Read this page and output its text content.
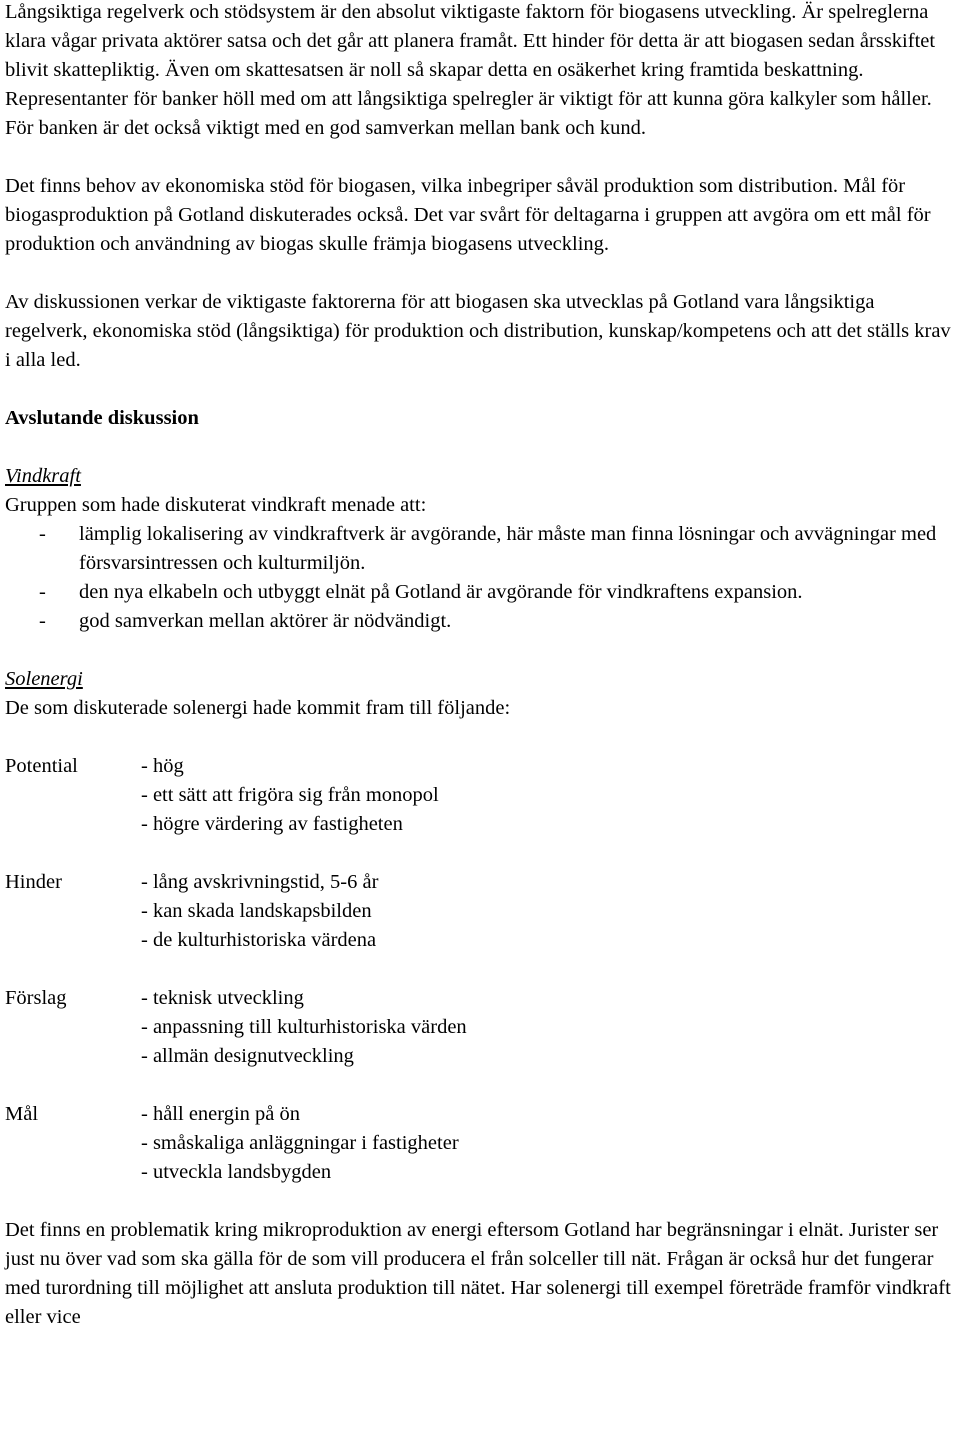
Långsiktiga regelverk och stödsystem är den absolut viktigaste faktorn för biogasens utveckling. Är spelreglerna klara vågar privata aktörer satsa och det går att planera framåt. Ett hinder för detta är att biogasen sedan årsskiftet blivit skattepliktig. Även om skattesatsen är noll så skapar detta en osäkerhet kring framtida beskattning. Representanter för banker höll med om att långsiktiga spelregler är viktigt för att kunna göra kalkyler som håller. För banken är det också viktigt med en god samverkan mellan bank och kund.

Det finns behov av ekonomiska stöd för biogasen, vilka inbegriper såväl produktion som distribution. Mål för biogasproduktion på Gotland diskuterades också. Det var svårt för deltagarna i gruppen att avgöra om ett mål för produktion och användning av biogas skulle främja biogasens utveckling.

Av diskussionen verkar de viktigaste faktorerna för att biogasen ska utvecklas på Gotland vara långsiktiga regelverk, ekonomiska stöd (långsiktiga) för produktion och distribution, kunskap/kompetens och att det ställs krav i alla led.

Avslutande diskussion

Vindkraft

Gruppen som hade diskuterat vindkraft menade att:

- lämplig lokalisering av vindkraftverk är avgörande, här måste man finna lösningar och avvägningar med försvarsintressen och kulturmiljön.
- den nya elkabeln och utbyggt elnät på Gotland är avgörande för vindkraftens expansion.
- god samverkan mellan aktörer är nödvändigt.

Solenergi

De som diskuterade solenergi hade kommit fram till följande:

Potential	- hög
- ett sätt att frigöra sig från monopol
- högre värdering av fastigheten
Hinder	- lång avskrivningstid, 5-6 år
- kan skada landskapsbilden
- de kulturhistoriska värdena
Förslag	- teknisk utveckling
- anpassning till kulturhistoriska värden
- allmän designutveckling
Mål	- håll energin på ön
- småskaliga anläggningar i fastigheter
- utveckla landsbygden

Det finns en problematik kring mikroproduktion av energi eftersom Gotland har begränsningar i elnät. Jurister ser just nu över vad som ska gälla för de som vill producera el från solceller till nät. Frågan är också hur det fungerar med turordning till möjlighet att ansluta produktion till nätet. Har solenergi till exempel företräde framför vindkraft eller vice
